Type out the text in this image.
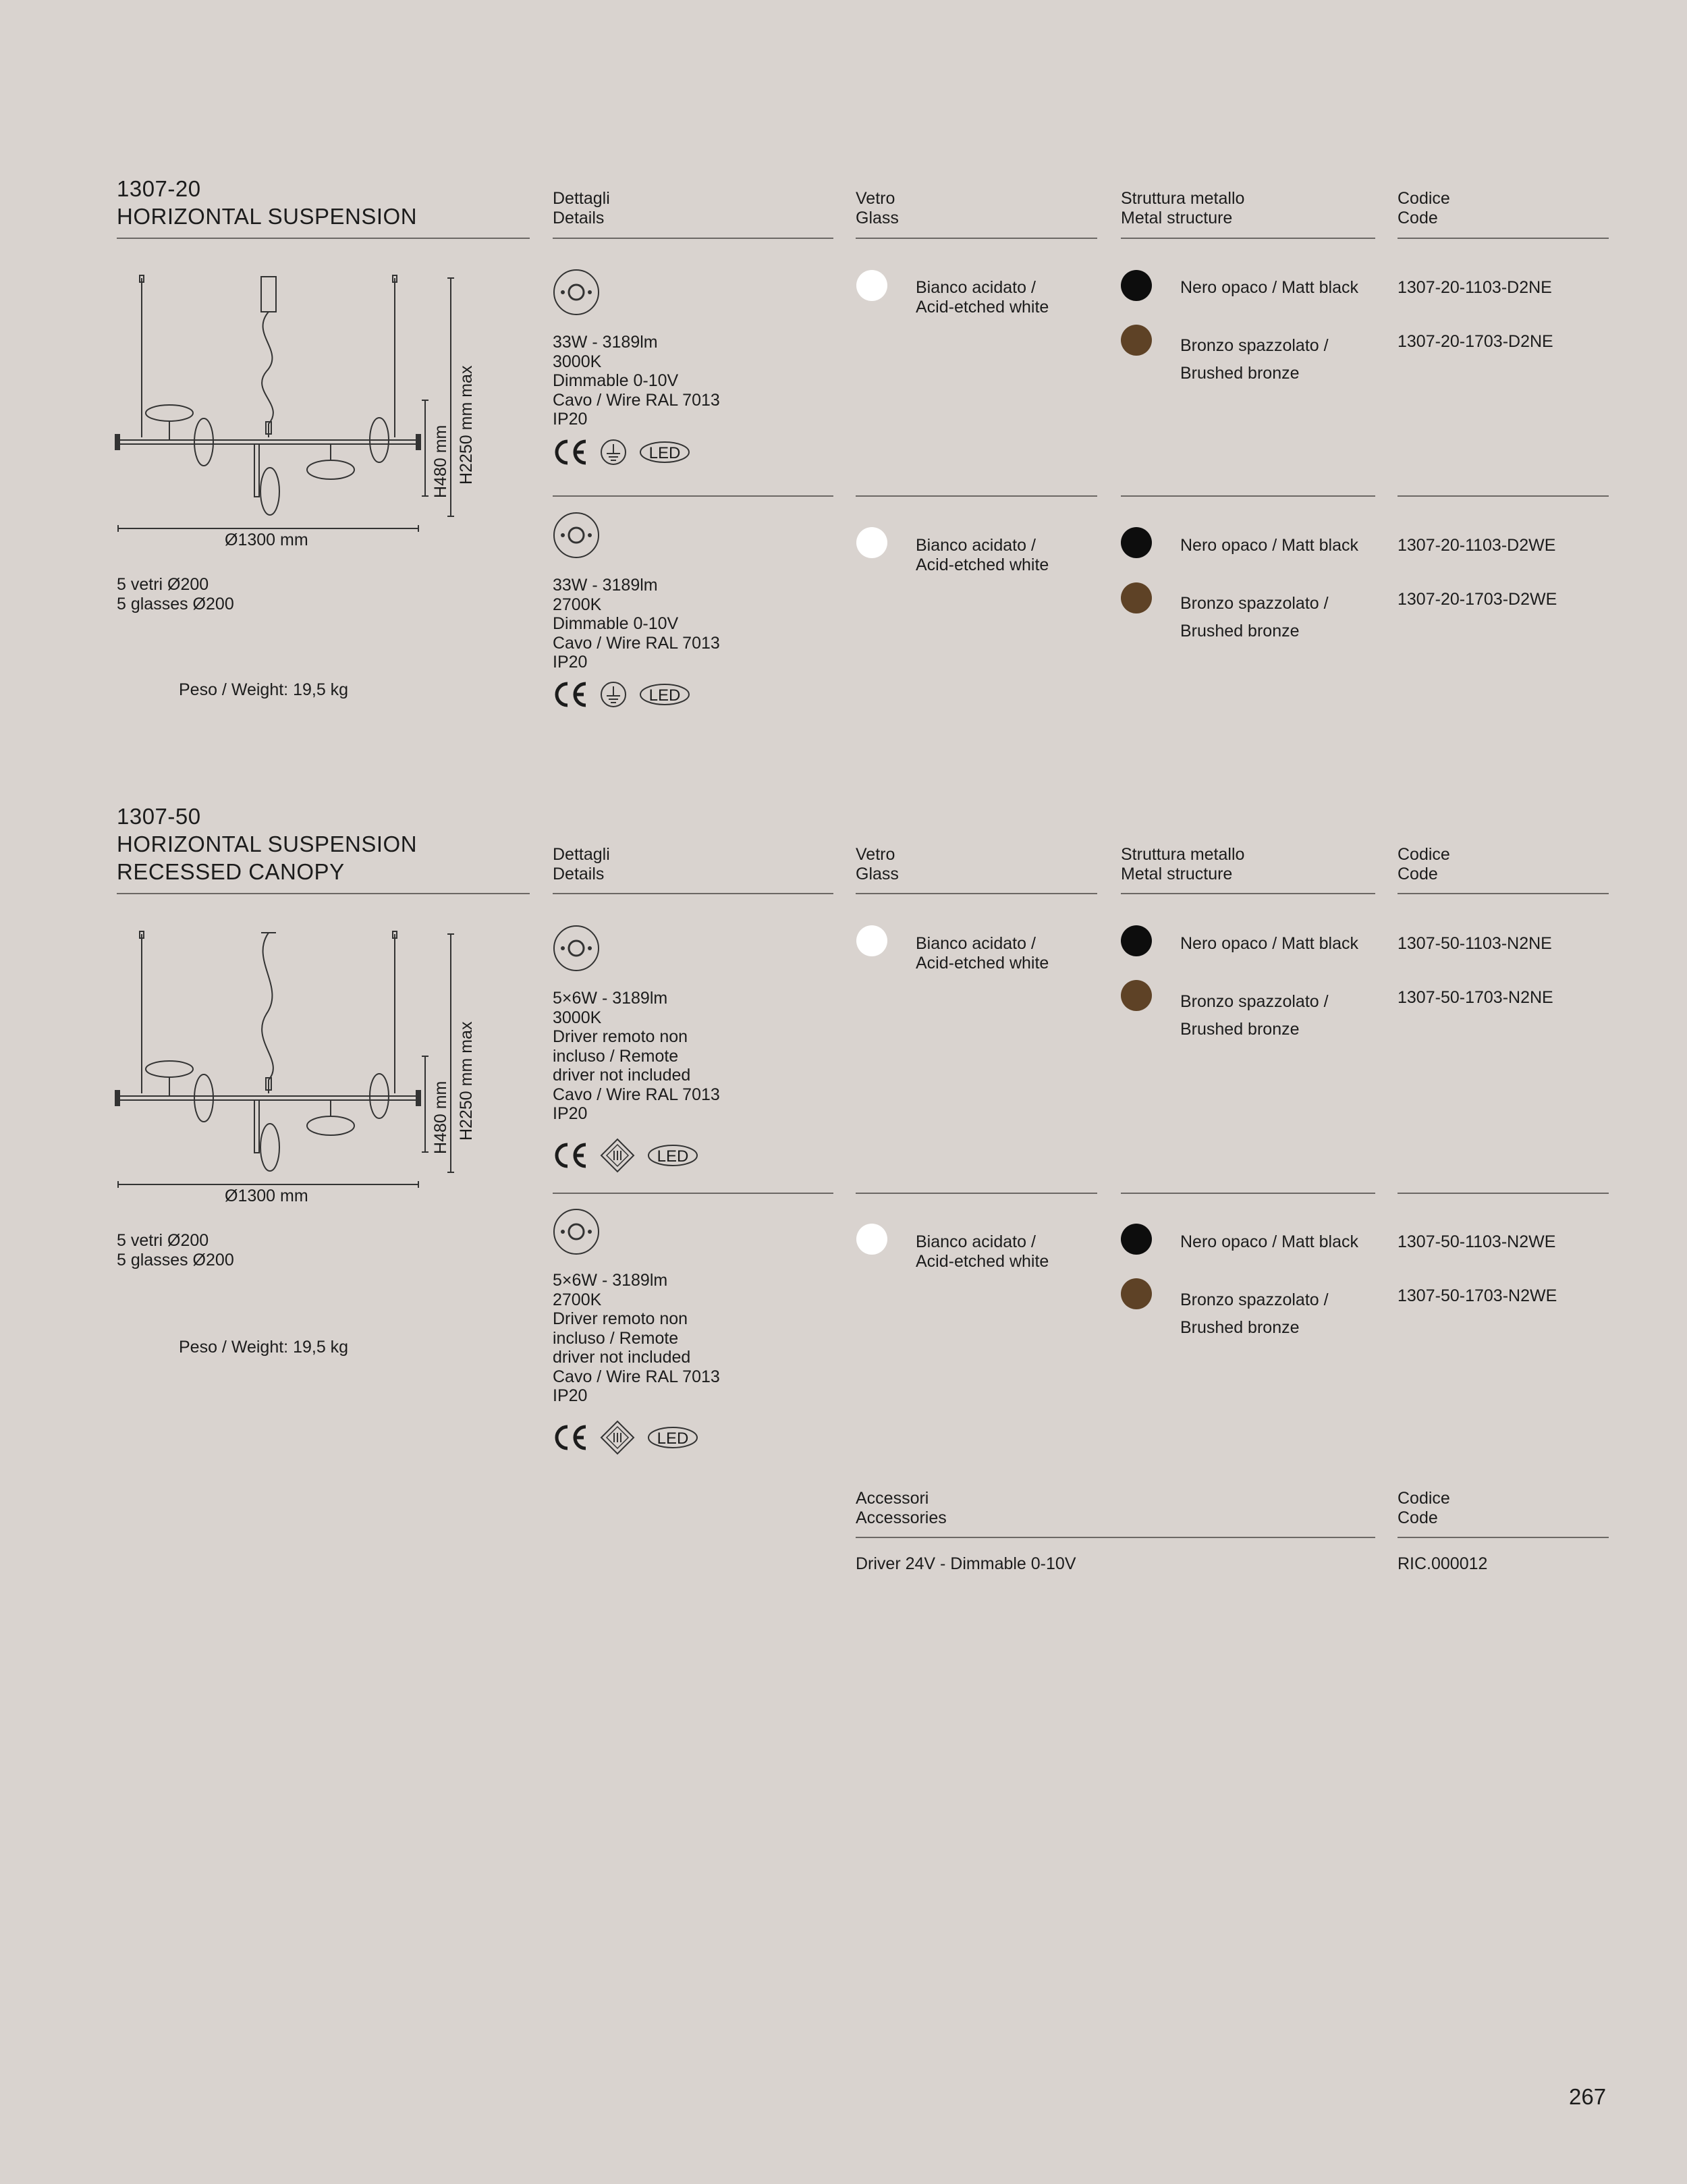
1307-20
HORIZONTAL SUSPENSION
Dettagli
Details
Vetro
Glass
Struttura metallo
Metal structure
Codice
Code
H480 mm H2250 mm max
Ø1300 mm
5 vetri Ø200
5 glasses Ø200
Peso / Weight: 19,5 kg
33W - 3189lm
3000K
Dimmable 0-10V
Cavo / Wire RAL 7013
IP20
LED
Bianco acidato /
Acid-etched white
Nero opaco / Matt black 1307-20-1103-D2NE
Bronzo spazzolato /
Brushed bronze
1307-20-1703-D2NE
33W - 3189lm
2700K
Dimmable 0-10V
Cavo / Wire RAL 7013
IP20
LED
Bianco acidato /
Acid-etched white
Nero opaco / Matt black 1307-20-1103-D2WE
Bronzo spazzolato /
Brushed bronze
1307-20-1703-D2WE
1307-50
HORIZONTAL SUSPENSION
RECESSED CANOPY
Dettagli
Details
Vetro
Glass
Struttura metallo
Metal structure
Codice
Code
H480 mm H2250 mm max
Ø1300 mm
5 vetri Ø200
5 glasses Ø200
Peso / Weight: 19,5 kg
5×6W - 3189lm
3000K
Driver remoto non
incluso / Remote
driver not included
Cavo / Wire RAL 7013
IP20
LED
Bianco acidato /
Acid-etched white
Nero opaco / Matt black 1307-50-1103-N2NE
Bronzo spazzolato /
Brushed bronze
1307-50-1703-N2NE
5×6W - 3189lm
2700K
Driver remoto non
incluso / Remote
driver not included
Cavo / Wire RAL 7013
IP20
LED
Bianco acidato /
Acid-etched white
Nero opaco / Matt black 1307-50-1103-N2WE
Bronzo spazzolato /
Brushed bronze
1307-50-1703-N2WE
Accessori
Accessories
Codice
Code
Driver 24V - Dimmable 0-10V	RIC.000012
267
